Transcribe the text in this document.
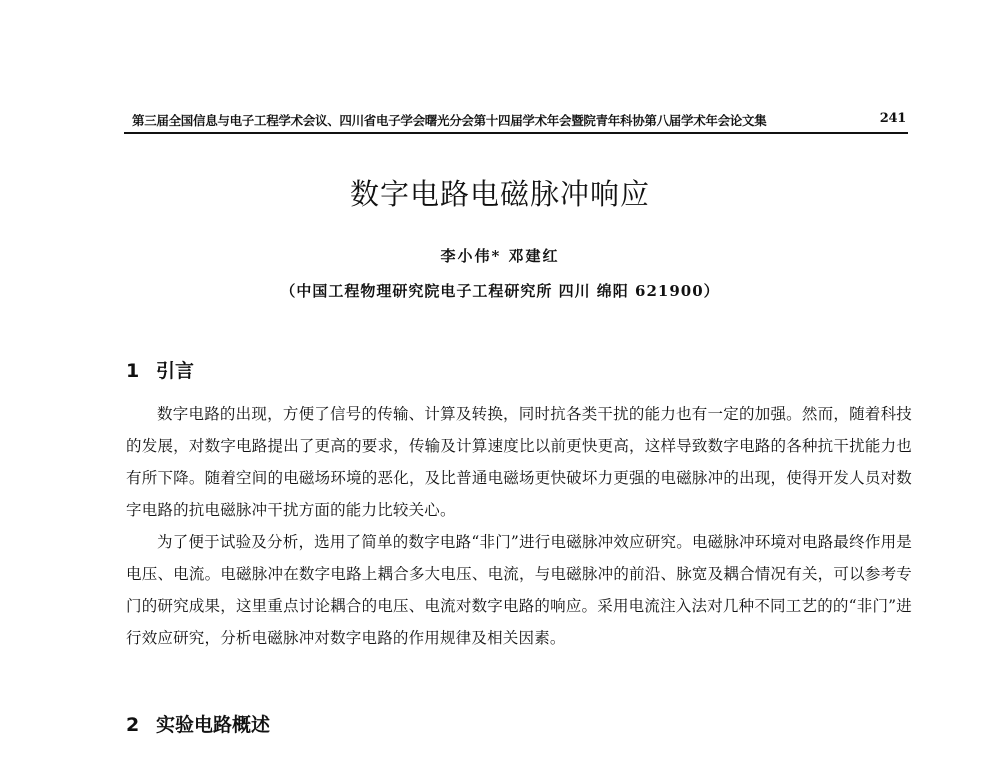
第三届全国信息与电子工程学术会议、四川省电子学会曙光分会第十四届学术年会暨院青年科协第八届学术年会论文集	241
数字电路电磁脉冲响应
李小伟* 邓建红
（中国工程物理研究院电子工程研究所 四川 绵阳 621900）
1 引言

数字电路的出现，方便了信号的传输、计算及转换，同时抗各类干扰的能力也有一定的加强。然而，随着科技的发展，对数字电路提出了更高的要求，传输及计算速度比以前更快更高，这样导致数字电路的各种抗干扰能力也有所下降。随着空间的电磁场环境的恶化，及比普通电磁场更快破坏力更强的电磁脉冲的出现，使得开发人员对数字电路的抗电磁脉冲干扰方面的能力比较关心。

为了便于试验及分析，选用了简单的数字电路“非门”进行电磁脉冲效应研究。电磁脉冲环境对电路最终作用是电压、电流。电磁脉冲在数字电路上耦合多大电压、电流，与电磁脉冲的前沿、脉宽及耦合情况有关，可以参考专门的研究成果，这里重点讨论耦合的电压、电流对数字电路的响应。采用电流注入法对几种不同工艺的的“非门”进行效应研究，分析电磁脉冲对数字电路的作用规律及相关因素。

2 实验电路概述
